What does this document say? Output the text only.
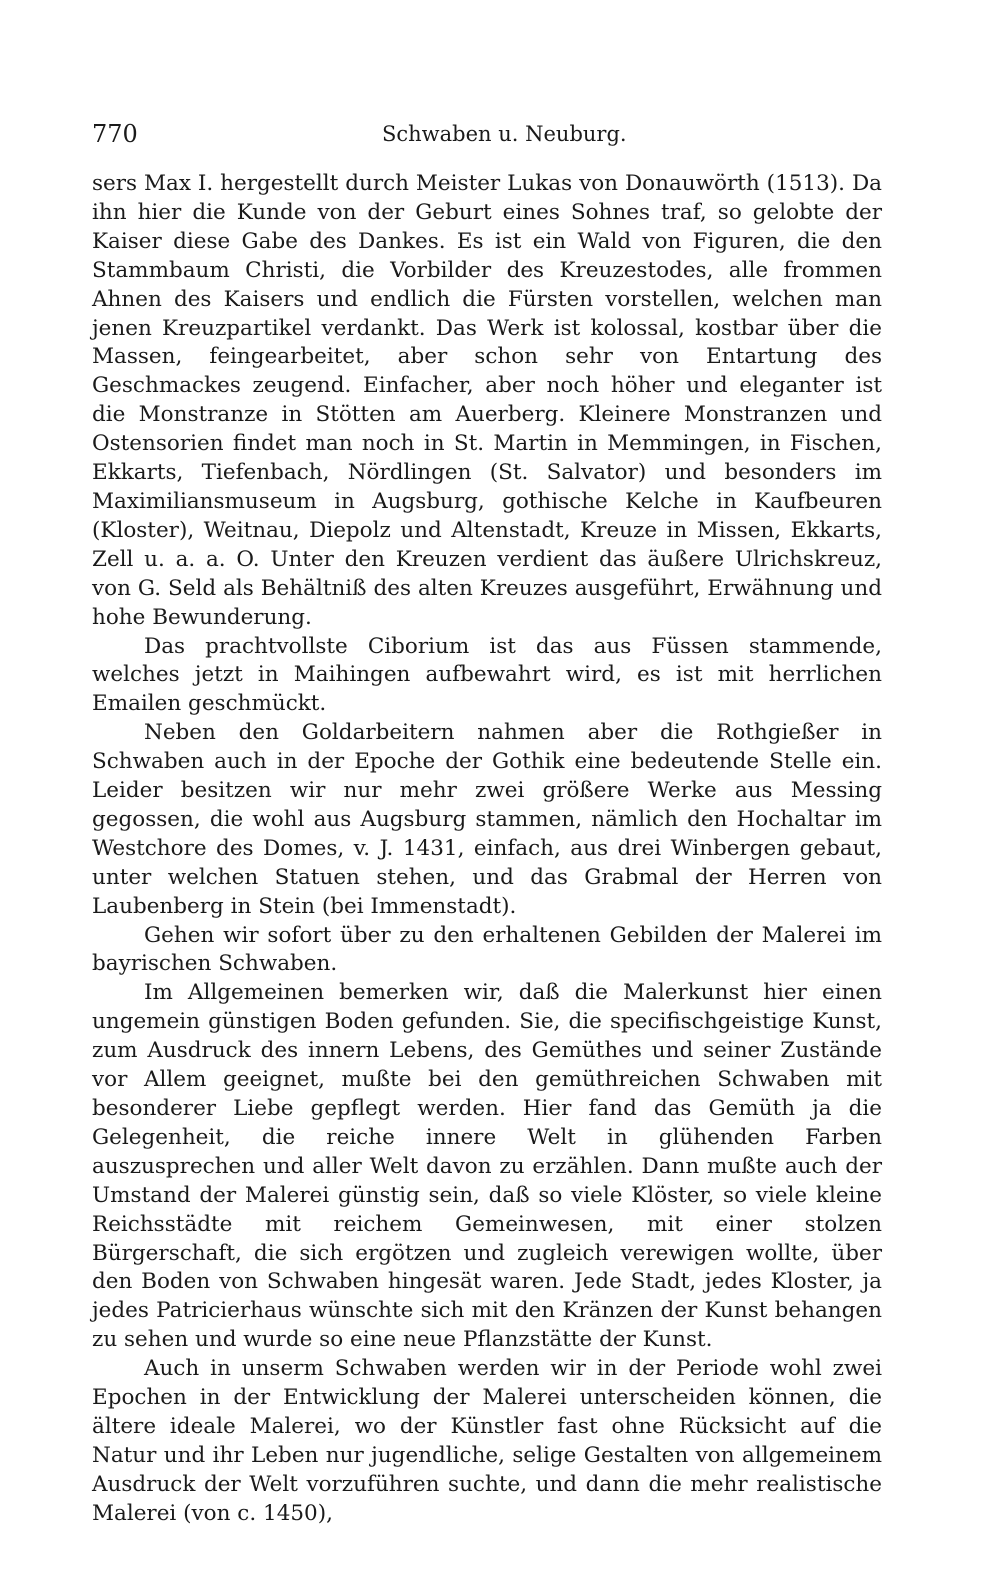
770	Schwaben u. Neuburg.

sers Max I. hergestellt durch Meister Lukas von Donauwörth (1513). Da ihn hier die Kunde von der Geburt eines Sohnes traf, so gelobte der Kaiser diese Gabe des Dankes. Es ist ein Wald von Figuren, die den Stammbaum Christi, die Vorbilder des Kreuzestodes, alle frommen Ahnen des Kaisers und endlich die Fürsten vorstellen, welchen man jenen Kreuzpartikel verdankt. Das Werk ist kolossal, kostbar über die Massen, feingearbeitet, aber schon sehr von Entartung des Geschmackes zeugend. Einfacher, aber noch höher und eleganter ist die Monstranze in Stötten am Auerberg. Kleinere Monstranzen und Ostensorien findet man noch in St. Martin in Memmingen, in Fischen, Ekkarts, Tiefenbach, Nördlingen (St. Salvator) und besonders im Maximiliansmuseum in Augsburg, gothische Kelche in Kaufbeuren (Kloster), Weitnau, Diepolz und Altenstadt, Kreuze in Missen, Ekkarts, Zell u. a. a. O. Unter den Kreuzen verdient das äußere Ulrichskreuz, von G. Seld als Behältniß des alten Kreuzes ausgeführt, Erwähnung und hohe Bewunderung.

Das prachtvollste Ciborium ist das aus Füssen stammende, welches jetzt in Maihingen aufbewahrt wird, es ist mit herrlichen Emailen geschmückt.

Neben den Goldarbeitern nahmen aber die Rothgießer in Schwaben auch in der Epoche der Gothik eine bedeutende Stelle ein. Leider besitzen wir nur mehr zwei größere Werke aus Messing gegossen, die wohl aus Augsburg stammen, nämlich den Hochaltar im Westchore des Domes, v. J. 1431, einfach, aus drei Winbergen gebaut, unter welchen Statuen stehen, und das Grabmal der Herren von Laubenberg in Stein (bei Immenstadt).

Gehen wir sofort über zu den erhaltenen Gebilden der Malerei im bayrischen Schwaben.

Im Allgemeinen bemerken wir, daß die Malerkunst hier einen ungemein günstigen Boden gefunden. Sie, die specifischgeistige Kunst, zum Ausdruck des innern Lebens, des Gemüthes und seiner Zustände vor Allem geeignet, mußte bei den gemüthreichen Schwaben mit besonderer Liebe gepflegt werden. Hier fand das Gemüth ja die Gelegenheit, die reiche innere Welt in glühenden Farben auszusprechen und aller Welt davon zu erzählen. Dann mußte auch der Umstand der Malerei günstig sein, daß so viele Klöster, so viele kleine Reichsstädte mit reichem Gemeinwesen, mit einer stolzen Bürgerschaft, die sich ergötzen und zugleich verewigen wollte, über den Boden von Schwaben hingesät waren. Jede Stadt, jedes Kloster, ja jedes Patricierhaus wünschte sich mit den Kränzen der Kunst behangen zu sehen und wurde so eine neue Pflanzstätte der Kunst.

Auch in unserm Schwaben werden wir in der Periode wohl zwei Epochen in der Entwicklung der Malerei unterscheiden können, die ältere ideale Malerei, wo der Künstler fast ohne Rücksicht auf die Natur und ihr Leben nur jugendliche, selige Gestalten von allgemeinem Ausdruck der Welt vorzuführen suchte, und dann die mehr realistische Malerei (von c. 1450),
